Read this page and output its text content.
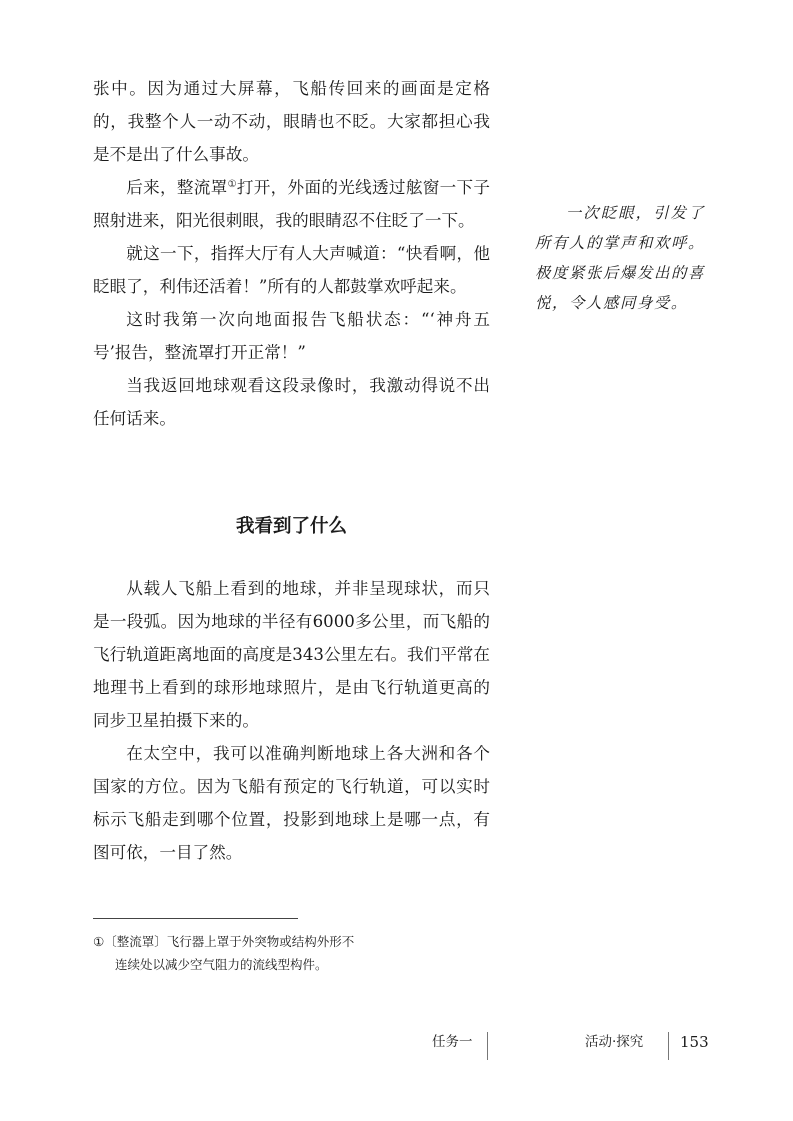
张中。因为通过大屏幕，飞船传回来的画面是定格的，我整个人一动不动，眼睛也不眨。大家都担心我是不是出了什么事故。

后来，整流罩①打开，外面的光线透过舷窗一下子照射进来，阳光很刺眼，我的眼睛忍不住眨了一下。

就这一下，指挥大厅有人大声喊道：“快看啊，他眨眼了，利伟还活着！”所有的人都鼓掌欢呼起来。

这时我第一次向地面报告飞船状态：“‘神舟五号’报告，整流罩打开正常！”

当我返回地球观看这段录像时，我激动得说不出任何话来。

一次眨眼，引发了所有人的掌声和欢呼。极度紧张后爆发出的喜悦，令人感同身受。

我看到了什么

从载人飞船上看到的地球，并非呈现球状，而只是一段弧。因为地球的半径有6000多公里，而飞船的飞行轨道距离地面的高度是343公里左右。我们平常在地理书上看到的球形地球照片，是由飞行轨道更高的同步卫星拍摄下来的。

在太空中，我可以准确判断地球上各大洲和各个国家的方位。因为飞船有预定的飞行轨道，可以实时标示飞船走到哪个位置，投影到地球上是哪一点，有图可依，一目了然。

①〔整流罩〕飞行器上罩于外突物或结构外形不

连续处以减少空气阻力的流线型构件。

任务一	活动·探究 153
